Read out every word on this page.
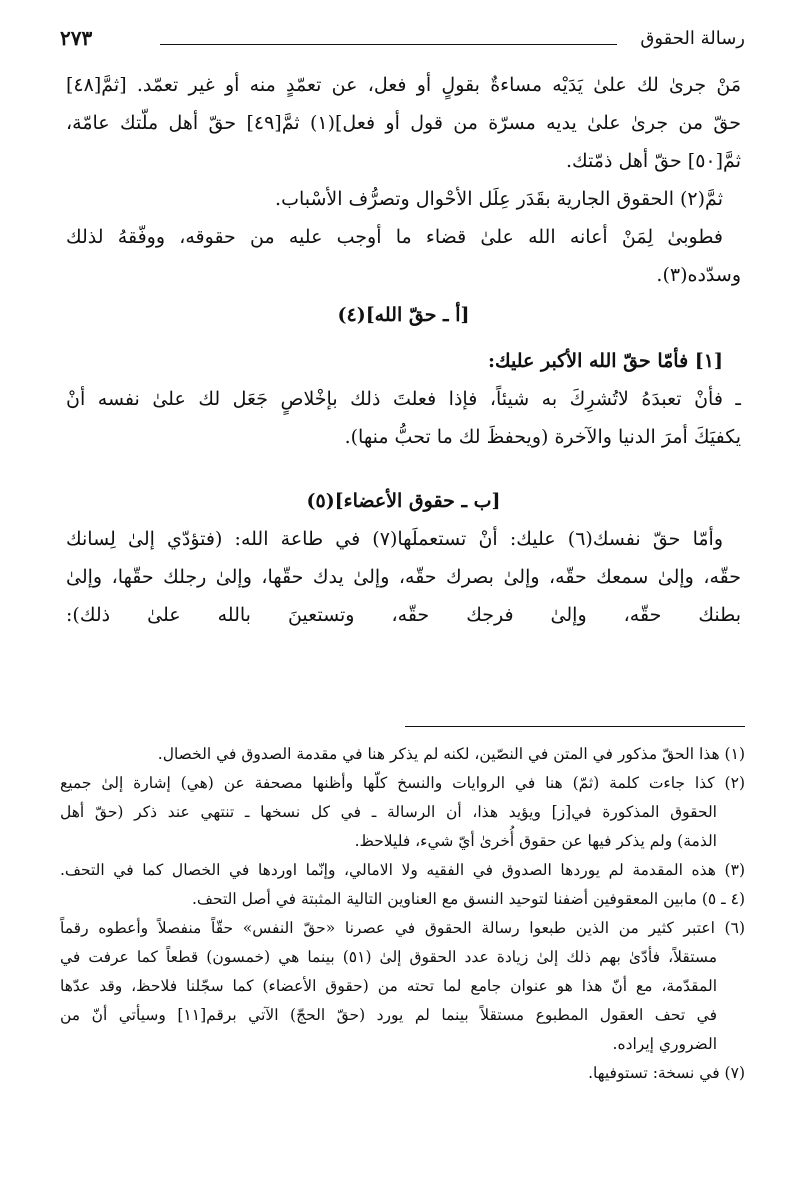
رسالة الحقوق
٢٧٣
مَنْ جرىٰ لك علىٰ يَدَيْه مساءةٌ بقولٍ أو فعل، عن تعمّدٍ منه أو غير تعمّد. [ثمَّ[٤٨]
حقّ من جرىٰ علىٰ يديه مسرّة من قول أو فعل](١) ثمَّ[٤٩] حقّ أهل ملّتك عامّة،
ثمَّ[٥٠] حقّ أهل ذمّتك.
ثمَّ(٢) الحقوق الجارية بقَدَر عِلَل الأحْوال وتصرُّف الأسْباب.
فطوبىٰ لِمَنْ أعانه الله علىٰ قضاء ما أوجب عليه من حقوقه، ووفّقهُ لذلك
وسدّده(٣).
[أ ـ حقّ الله](٤)
[١] فأمّا حقّ الله الأكبر عليك:
ـ فأنْ تعبدَهُ لاتُشرِكَ به شيئاً، فإذا فعلتَ ذلك بإخْلاصٍ جَعَل لك علىٰ نفسه أنْ
يكفيَكَ أمرَ الدنيا والآخرة (ويحفظَ لك ما تحبُّ منها).
[ب ـ حقوق الأعضاء](٥)
وأمّا حقّ نفسك(٦) عليك: أنْ تستعملَها(٧) في طاعة الله: (فتؤدّي إلىٰ لِسانك
حقّه، وإلىٰ سمعك حقّه، وإلىٰ بصرك حقّه، وإلىٰ يدك حقّها، وإلىٰ رجلك حقّها، وإلىٰ
بطنك حقّه، وإلىٰ فرجك حقّه، وتستعينَ بالله علىٰ ذلك):
(١) هذا الحقّ مذكور في المتن في النصّين، لكنه لم يذكر هنا في مقدمة الصدوق في الخصال.
(٢) كذا جاءت كلمة (ثمّ) هنا في الروايات والنسخ كلّها وأظنها مصحفة عن (هي) إشارة إلىٰ جميع
الحقوق المذكورة في[ز] ويؤيد هذا، أن الرسالة ـ في كل نسخها ـ تنتهي عند ذكر (حقّ أهل
الذمة) ولم يذكر فيها عن حقوق أُخرىٰ أيّ شيء، فليلاحظ.
(٣) هذه المقدمة لم يوردها الصدوق في الفقيه ولا الامالي، وإنّما اوردها في الخصال كما في التحف.
(٤ ـ ٥) مابين المعقوفين أضفنا لتوحيد النسق مع العناوين التالية المثبتة في أصل التحف.
(٦) اعتبر كثير من الذين طبعوا رسالة الحقوق في عصرنا «حقّ النفس» حقّاً منفصلاً وأعطوه رقماً
مستقلاً، فأدّىٰ بهم ذلك إلىٰ زيادة عدد الحقوق إلىٰ (٥١) بينما هي (خمسون) قطعاً كما عرفت في
المقدّمة، مع أنّ هذا هو عنوان جامع لما تحته من (حقوق الأعضاء) كما سجّلنا فلاحظ، وقد عدّها
في تحف العقول المطبوع مستقلاً بينما لم يورد (حقّ الحجّ) الآتي برقم[١١] وسيأتي أنّ من
الضروري إيراده.
(٧) في نسخة: تستوفيها.
